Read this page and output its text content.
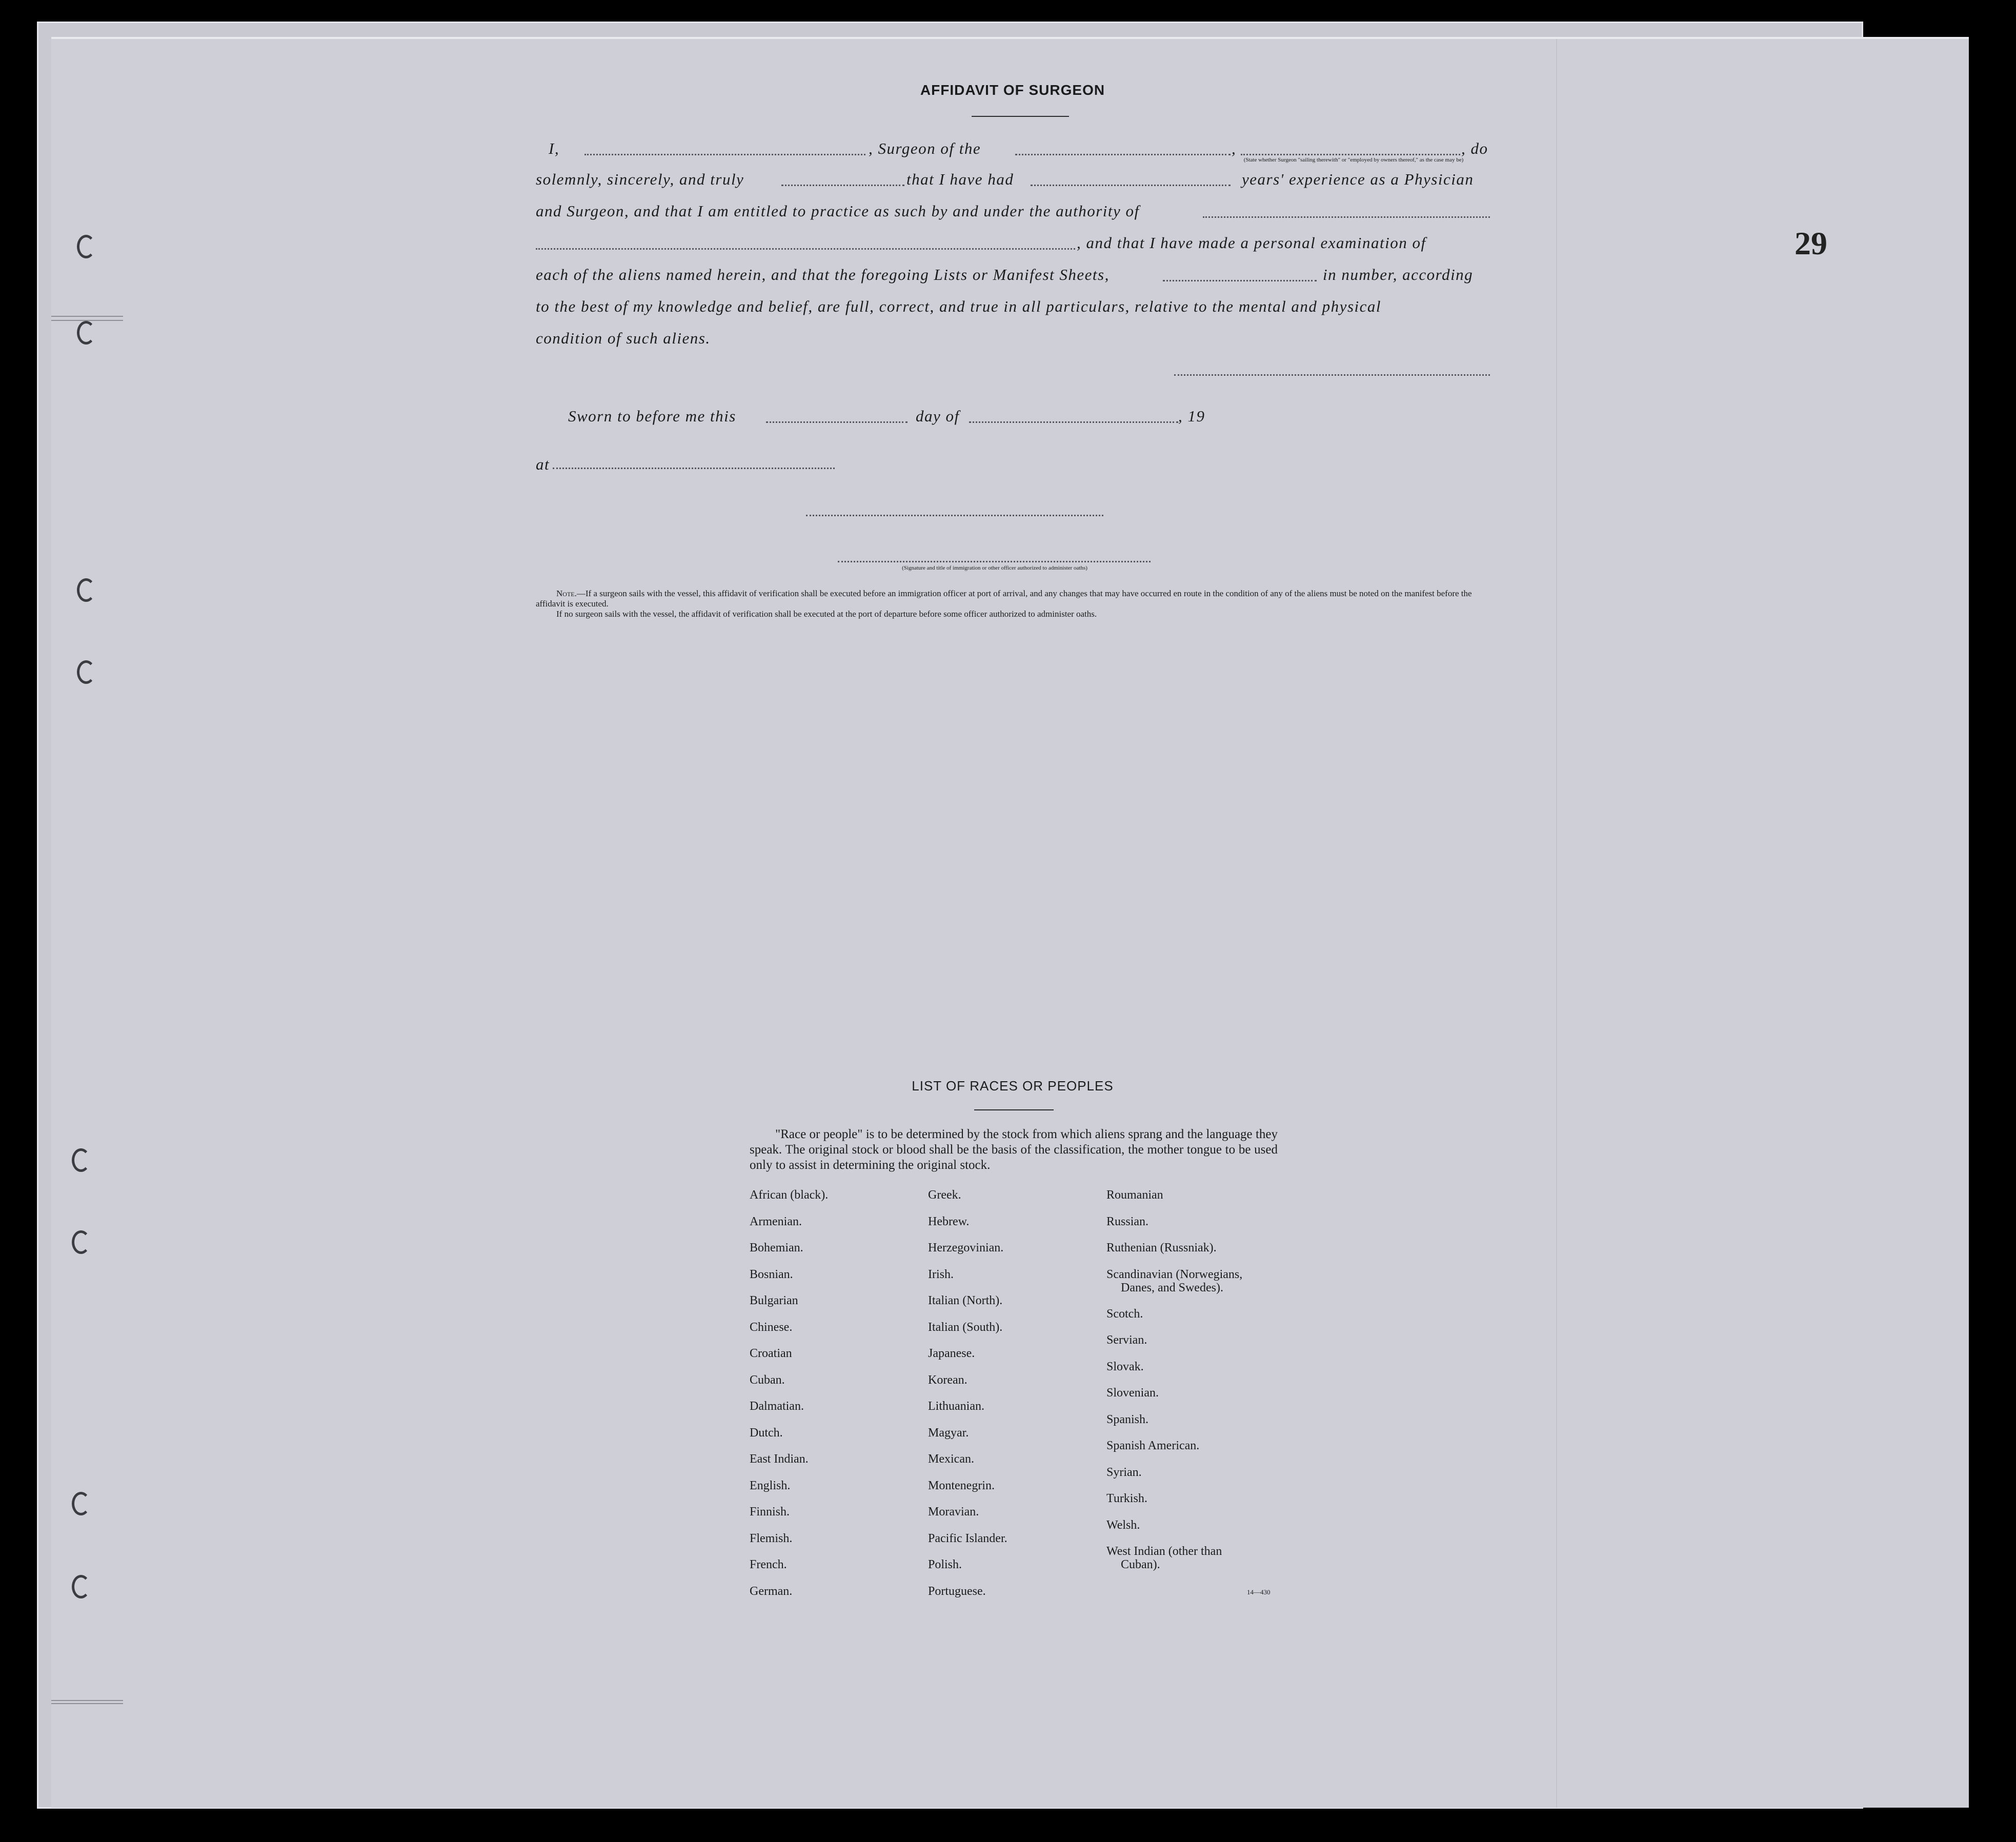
29
AFFIDAVIT OF SURGEON
I,	, Surgeon of the	,	, do
(State whether Surgeon "sailing therewith" or "employed by owners thereof," as the case may be)
solemnly, sincerely, and truly	that I have had	years' experience as a Physician
and Surgeon, and that I am entitled to practice as such by and under the authority of
, and that I have made a personal examination of
each of the aliens named herein, and that the foregoing Lists or Manifest Sheets,	in number, according
to the best of my knowledge and belief, are full, correct, and true in all particulars, relative to the mental and physical
condition of such aliens.
Sworn to before me this	day of	, 19
at
(Signature and title of immigration or other officer authorized to administer oaths)

Note.—If a surgeon sails with the vessel, this affidavit of verification shall be executed before an immigration officer at port of arrival, and any changes that may have occurred en route in the condition of any of the aliens must be noted on the manifest before the affidavit is executed.

If no surgeon sails with the vessel, the affidavit of verification shall be executed at the port of departure before some officer authorized to administer oaths.

LIST OF RACES OR PEOPLES
"Race or people" is to be determined by the stock from which aliens sprang and the language they speak. The original stock or blood shall be the basis of the classification, the mother tongue to be used only to assist in determining the original stock.
African (black).
Armenian.
Bohemian.
Bosnian.
Bulgarian
Chinese.
Croatian
Cuban.
Dalmatian.
Dutch.
East Indian.
English.
Finnish.
Flemish.
French.
German.
Greek.
Hebrew.
Herzegovinian.
Irish.
Italian (North).
Italian (South).
Japanese.
Korean.
Lithuanian.
Magyar.
Mexican.
Montenegrin.
Moravian.
Pacific Islander.
Polish.
Portuguese.
Roumanian
Russian.
Ruthenian (Russniak).
Scandinavian (Norwegians,
Danes, and Swedes).
Scotch.
Servian.
Slovak.
Slovenian.
Spanish.
Spanish American.
Syrian.
Turkish.
Welsh.
West Indian (other than
Cuban).
14—430
